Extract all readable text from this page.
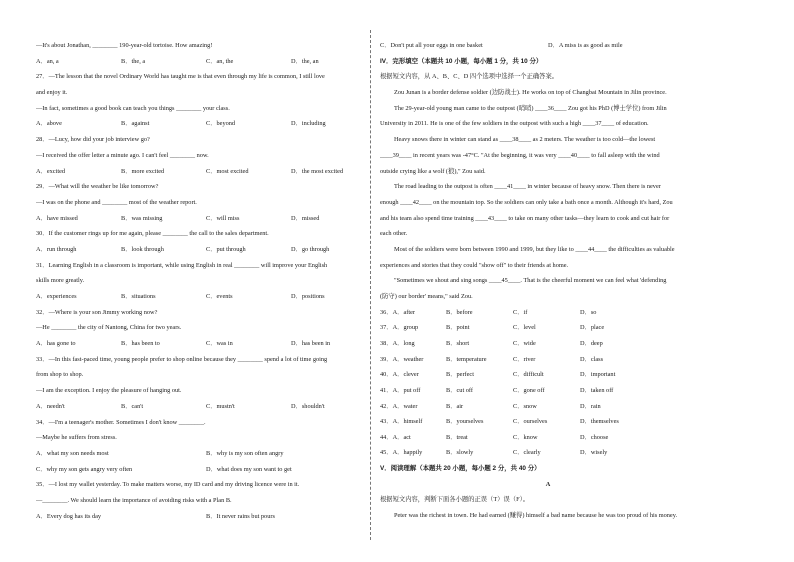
—It's about Jonathan, ________ 190-year-old tortoise. How amazing!
A．an, a	B．the, a	C．an, the	D．the, an
27．—The lesson that the novel Ordinary World has taught me is that even through my life is common, I still love
and enjoy it.
—In fact, sometimes a good book can teach you things ________ your class.
A．above	B．against	C．beyond	D．including
28．—Lucy, how did your job interview go?
—I received the offer letter a minute ago. I can't feel ________ now.
A．excited	B．more excited	C．most excited	D．the most excited
29．—What will the weather be like tomorrow?
—I was on the phone and ________ most of the weather report.
A．have missed	B．was missing	C．will miss	D．missed
30．If the customer rings up for me again, please ________ the call to the sales department.
A．run through	B．look through	C．put through	D．go through
31．Learning English in a classroom is important, while using English in real ________ will improve your English
skills more greatly.
A．experiences	B．situations	C．events	D．positions
32．—Where is your son Jimmy working now?
—He ________ the city of Nantong, China for two years.
A．has gone to	B．has been to	C．was in	D．has been in
33．—In this fast-paced time, young people prefer to shop online because they ________ spend a lot of time going
from shop to shop.
—I am the exception. I enjoy the pleasure of hanging out.
A．needn't	B．can't	C．mustn't	D．shouldn't
34．—I'm a teenager's mother. Sometimes I don't know ________.
—Maybe he suffers from stress.
A．what my son needs most	B．why is my son often angry
C．why my son gets angry very often	D．what does my son want to get
35．—I lost my wallet yesterday. To make matters worse, my ID card and my driving licence were in it.
—________. We should learn the importance of avoiding risks with a Plan B.
A．Every dog has its day	B．It never rains but pours
C．Don't put all your eggs in one basket	D．A miss is as good as mile
IV．完形填空（本题共 10 小题，每小题 1 分，共 10 分）
根据短文内容，从 A、B、C、D 四个选项中选择一个正确答案。
Zou Junan is a border defense soldier (边防战士). He works on top of Changbai Mountain in Jilin province.
The 29-year-old young man came to the outpost (哨哨) ____36____ Zou got his PhD (博士学位) from Jilin
University in 2011. He is one of the few soldiers in the outpost with such a high ____37____ of education.
Heavy snows there in winter can stand as ____38____ as 2 meters. The weather is too cold—the lowest
____39____ in recent years was -47°C. "At the beginning, it was very ____40____ to fall asleep with the wind
outside crying like a wolf (狼)," Zou said.
The road leading to the outpost is often ____41____ in winter because of heavy snow. Then there is never
enough ____42____ on the mountain top. So the soldiers can only take a bath once a month. Although it's hard, Zou
and his team also spend time training ____43____ to take on many other tasks—they learn to cook and cut hair for
each other.
Most of the soldiers were born between 1990 and 1999, but they like to ____44____ the difficulties as valuable
experiences and stories that they could "show off" to their friends at home.
"Sometimes we shout and sing songs ____45____. That is the cheerful moment we can feel what 'defending
(防守) our border' means," said Zou.
36．A．after	B．before	C．if	D．so
37．A．group	B．point	C．level	D．place
38．A．long	B．short	C．wide	D．deep
39．A．weather	B．temperature	C．river	D．class
40．A．clever	B．perfect	C．difficult	D．important
41．A．put off	B．cut off	C．gone off	D．taken off
42．A．water	B．air	C．snow	D．rain
43．A．himself	B．yourselves	C．ourselves	D．themselves
44．A．act	B．treat	C．know	D．choose
45．A．happily	B．slowly	C．clearly	D．wisely
V．阅读理解（本题共 20 小题，每小题 2 分，共 40 分）
A
根据短文内容，判断下面各小题的正误（T）误（F）。
Peter was the richest in town. He had earned (赚得) himself a bad name because he was too proud of his money.
